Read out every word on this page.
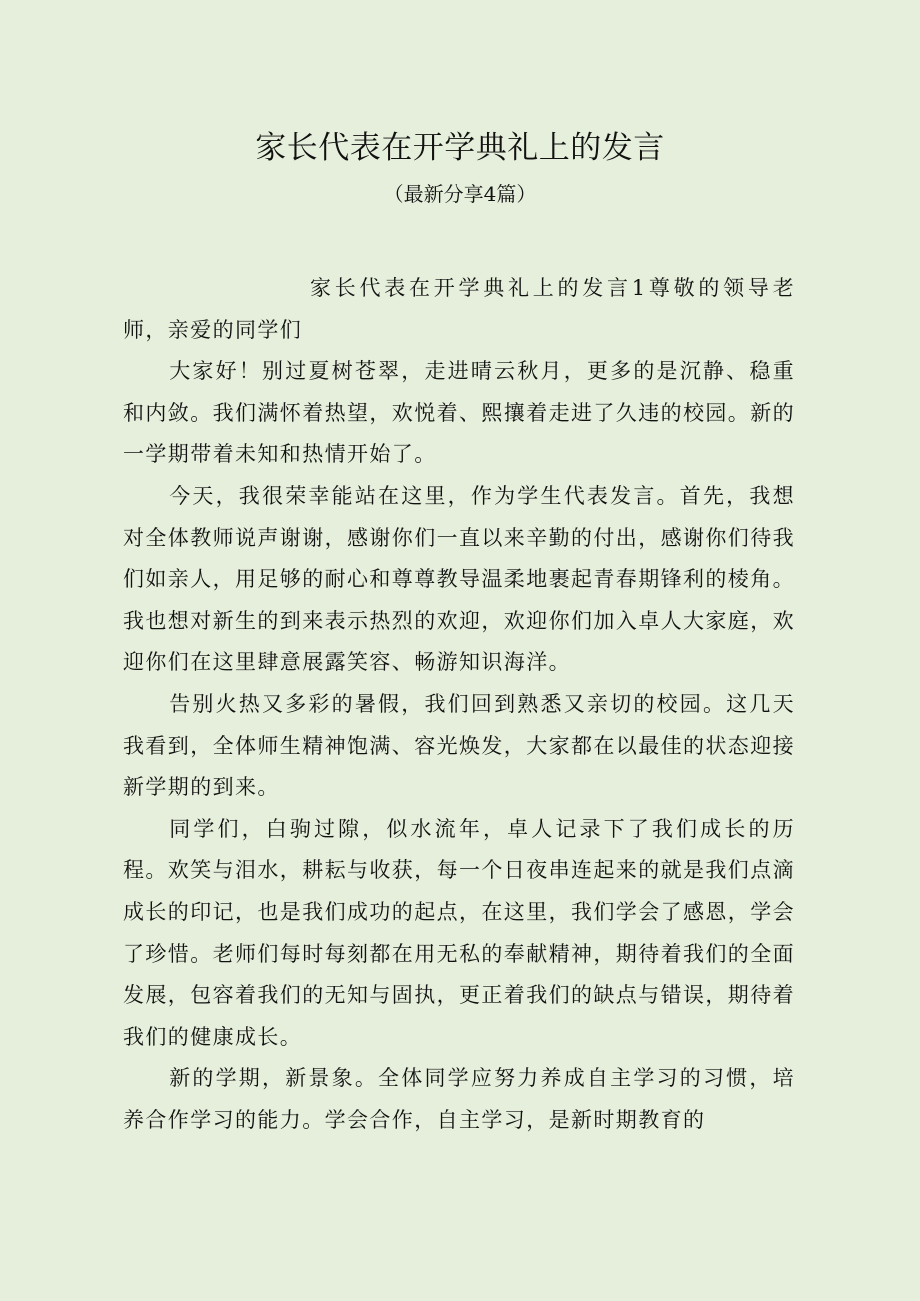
家长代表在开学典礼上的发言
（最新分享4篇）

家长代表在开学典礼上的发言1尊敬的领导老师，亲爱的同学们

大家好！别过夏树苍翠，走进晴云秋月，更多的是沉静、稳重和内敛。我们满怀着热望，欢悦着、熙攘着走进了久违的校园。新的一学期带着未知和热情开始了。

今天，我很荣幸能站在这里，作为学生代表发言。首先，我想对全体教师说声谢谢，感谢你们一直以来辛勤的付出，感谢你们待我们如亲人，用足够的耐心和尊尊教导温柔地裹起青春期锋利的棱角。我也想对新生的到来表示热烈的欢迎，欢迎你们加入卓人大家庭，欢迎你们在这里肆意展露笑容、畅游知识海洋。

告别火热又多彩的暑假，我们回到熟悉又亲切的校园。这几天我看到，全体师生精神饱满、容光焕发，大家都在以最佳的状态迎接新学期的到来。

同学们，白驹过隙，似水流年，卓人记录下了我们成长的历程。欢笑与泪水，耕耘与收获，每一个日夜串连起来的就是我们点滴成长的印记，也是我们成功的起点，在这里，我们学会了感恩，学会了珍惜。老师们每时每刻都在用无私的奉献精神，期待着我们的全面发展，包容着我们的无知与固执，更正着我们的缺点与错误，期待着我们的健康成长。

新的学期，新景象。全体同学应努力养成自主学习的习惯，培养合作学习的能力。学会合作，自主学习，是新时期教育的
